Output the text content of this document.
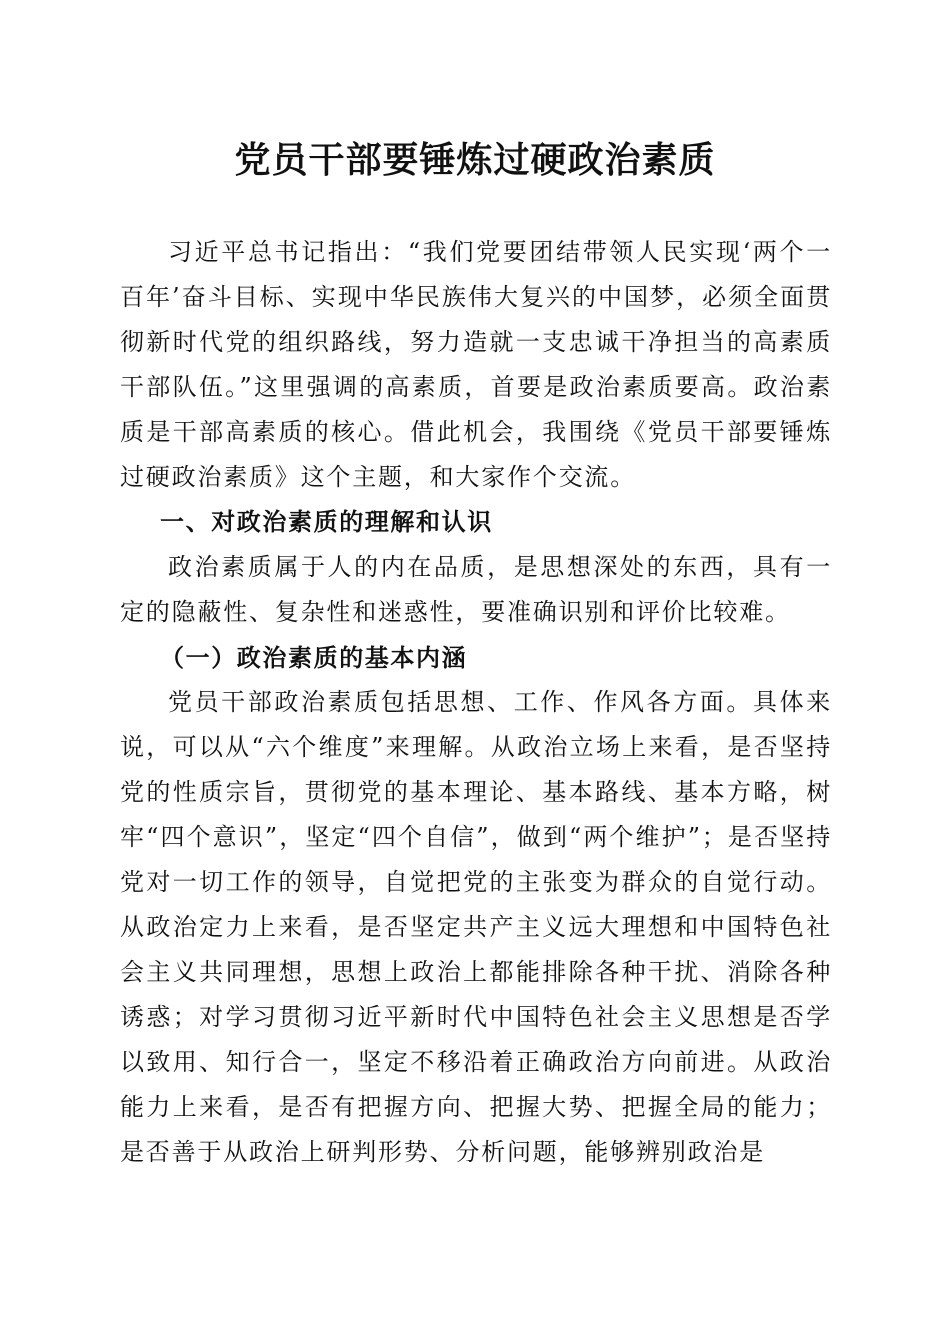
党员干部要锤炼过硬政治素质

习近平总书记指出：“我们党要团结带领人民实现‘两个一百年’奋斗目标、实现中华民族伟大复兴的中国梦，必须全面贯彻新时代党的组织路线，努力造就一支忠诚干净担当的高素质干部队伍。”这里强调的高素质，首要是政治素质要高。政治素质是干部高素质的核心。借此机会，我围绕《党员干部要锤炼过硬政治素质》这个主题，和大家作个交流。

一、对政治素质的理解和认识

政治素质属于人的内在品质，是思想深处的东西，具有一定的隐蔽性、复杂性和迷惑性，要准确识别和评价比较难。

（一）政治素质的基本内涵

党员干部政治素质包括思想、工作、作风各方面。具体来说，可以从“六个维度”来理解。从政治立场上来看，是否坚持党的性质宗旨，贯彻党的基本理论、基本路线、基本方略，树牢“四个意识”，坚定“四个自信”，做到“两个维护”；是否坚持党对一切工作的领导，自觉把党的主张变为群众的自觉行动。从政治定力上来看，是否坚定共产主义远大理想和中国特色社会主义共同理想，思想上政治上都能排除各种干扰、消除各种诱惑；对学习贯彻习近平新时代中国特色社会主义思想是否学以致用、知行合一，坚定不移沿着正确政治方向前进。从政治能力上来看，是否有把握方向、把握大势、把握全局的能力；是否善于从政治上研判形势、分析问题，能够辨别政治是
